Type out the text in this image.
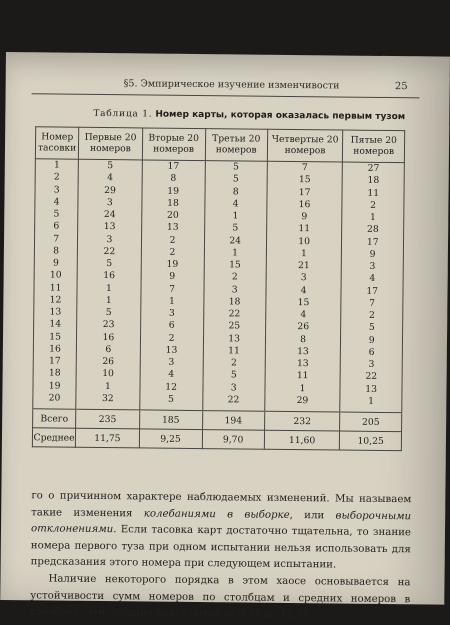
§5. Эмпирическое изучение изменчивости	25
Таблица 1. Номер карты, которая оказалась первым тузом
Номер тасовки	Первые 20 номеров	Вторые 20 номеров	Третьи 20 номеров	Четвертые 20 номеров	Пятые 20 номеров
1	5	17	5	7	27
2	4	8	5	15	18
3	29	19	8	17	11
4	3	18	4	16	2
5	24	20	1	9	1
6	13	13	5	11	28
7	3	2	24	10	17
8	22	2	1	1	9
9	5	19	15	21	3
10	16	9	2	3	4
11	1	7	3	4	17
12	1	1	18	15	7
13	5	3	22	4	2
14	23	6	25	26	5
15	16	2	13	8	9
16	6	13	11	13	6
17	26	3	2	13	3
18	10	4	5	11	22
19	1	12	3	1	13
20	32	5	22	29	1
Всего	235	185	194	232	205
Среднее	11,75	9,25	9,70	11,60	10,25

го о причинном характере наблюдаемых изменений. Мы называем такие изменения колебаниями в выборке, или выборочными отклонениями. Если тасовка карт достаточно тщательна, то знание номера первого туза при одном испытании нельзя использовать для предсказания этого номера при следующем испытании.

Наличие некоторого порядка в этом хаосе основывается на устойчивости сумм номеров по столбцам и средних номеров в столбцах. Эти средние колеблются от 9,25 до 11,75.
